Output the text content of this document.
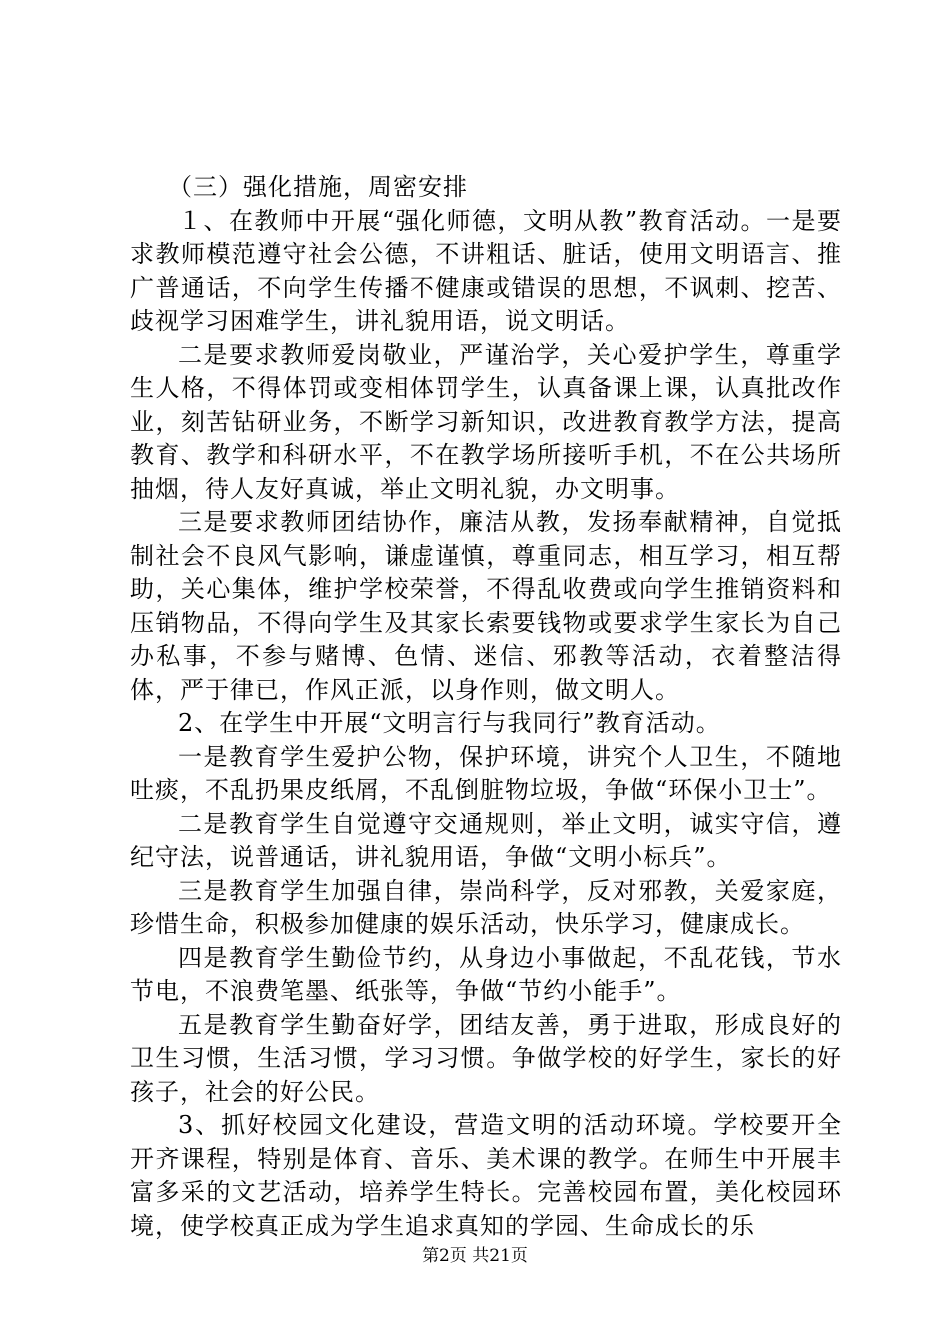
（三）强化措施，周密安排

１、在教师中开展“强化师德，文明从教”教育活动。一是要求教师模范遵守社会公德，不讲粗话、脏话，使用文明语言、推广普通话，不向学生传播不健康或错误的思想，不讽刺、挖苦、歧视学习困难学生，讲礼貌用语，说文明话。

二是要求教师爱岗敬业，严谨治学，关心爱护学生，尊重学生人格，不得体罚或变相体罚学生，认真备课上课，认真批改作业，刻苦钻研业务，不断学习新知识，改进教育教学方法，提高教育、教学和科研水平，不在教学场所接听手机，不在公共场所抽烟，待人友好真诚，举止文明礼貌，办文明事。

三是要求教师团结协作，廉洁从教，发扬奉献精神，自觉抵制社会不良风气影响，谦虚谨慎，尊重同志，相互学习，相互帮助，关心集体，维护学校荣誉，不得乱收费或向学生推销资料和压销物品，不得向学生及其家长索要钱物或要求学生家长为自己办私事，不参与赌博、色情、迷信、邪教等活动，衣着整洁得体，严于律已，作风正派，以身作则，做文明人。

2、在学生中开展“文明言行与我同行”教育活动。

一是教育学生爱护公物，保护环境，讲究个人卫生，不随地吐痰，不乱扔果皮纸屑，不乱倒脏物垃圾，争做“环保小卫士”。

二是教育学生自觉遵守交通规则，举止文明，诚实守信，遵纪守法，说普通话，讲礼貌用语，争做“文明小标兵”。

三是教育学生加强自律，崇尚科学，反对邪教，关爱家庭，珍惜生命，积极参加健康的娱乐活动，快乐学习，健康成长。

四是教育学生勤俭节约，从身边小事做起，不乱花钱，节水节电，不浪费笔墨、纸张等，争做“节约小能手”。

五是教育学生勤奋好学，团结友善，勇于进取，形成良好的卫生习惯，生活习惯，学习习惯。争做学校的好学生，家长的好孩子，社会的好公民。

3、抓好校园文化建设，营造文明的活动环境。学校要开全开齐课程，特别是体育、音乐、美术课的教学。在师生中开展丰富多采的文艺活动，培养学生特长。完善校园布置，美化校园环境，使学校真正成为学生追求真知的学园、生命成长的乐

第2页 共21页
